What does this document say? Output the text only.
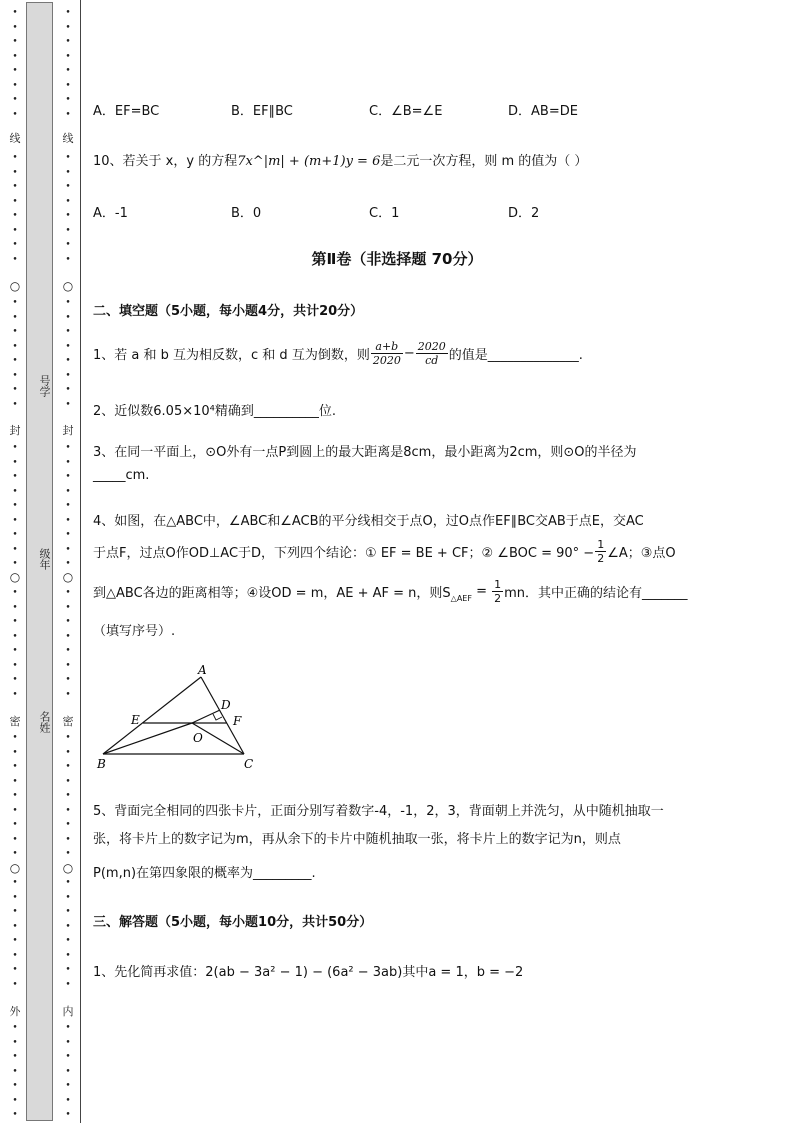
•
•
•
•
•
•
•
•
•
•
•
•
•
•
•
•
•
•
•
•
•
•
•
•
•
•
•
•
•
•
•
•
•
•
•
•
•
•
•
•
•
•
•
•
•
•
•
•
•
•
•
•
•
•
•
•
•
•
•
•
•
•
•
•
•
线
封
密
外
○
○
○
号学
级年
名姓
•
•
•
•
•
•
•
•
•
•
•
•
•
•
•
•
•
•
•
•
•
•
•
•
•
•
•
•
•
•
•
•
•
•
•
•
•
•
•
•
•
•
•
•
•
•
•
•
•
•
•
•
•
•
•
•
•
•
•
•
•
•
•
•
•
线
封
密
内
○
○
○
A．EF=BC	B．EF∥BC	C．∠B=∠E	D．AB=DE
10、若关于 x，y 的方程7x^|m| + (m+1)y = 6是二元一次方程，则 m 的值为（ ）
A．-1	B．0	C．1	D．2
第Ⅱ卷（非选择题 70分）
二、填空题（5小题，每小题4分，共计20分）
1、若 a 和 b 互为相反数，c 和 d 互为倒数，则 $\frac{a+b}{2020} - \frac{2020}{cd}$ 的值是______________.
2、近似数6.05×10⁴精确到__________位.
3、在同一平面上，⊙O外有一点P到圆上的最大距离是8cm，最小距离为2cm，则⊙O的半径为
_____cm.
4、如图，在△ABC中，∠ABC和∠ACB的平分线相交于点O，过O点作EF∥BC交AB于点E，交AC
于点F，过点O作OD⊥AC于D，下列四个结论：① EF = BE + CF；② ∠BOC = $90^\circ - \frac{1}{2}$ ∠A；③点O
到△ABC各边的距离相等；④设OD = m，AE + AF = n，则$S_{\triangle AEF} = \frac{1}{2}$ mn．其中正确的结论有_______
（填写序号）.
A
B	C
D
E	F
O
5、背面完全相同的四张卡片，正面分别写着数字-4，-1，2，3，背面朝上并洗匀，从中随机抽取一
张，将卡片上的数字记为m，再从余下的卡片中随机抽取一张，将卡片上的数字记为n，则点
P(m,n)在第四象限的概率为_________.
三、解答题（5小题，每小题10分，共计50分）
1、先化简再求值：2(ab − 3a² − 1) − (6a² − 3ab)其中a = 1，b = −2
